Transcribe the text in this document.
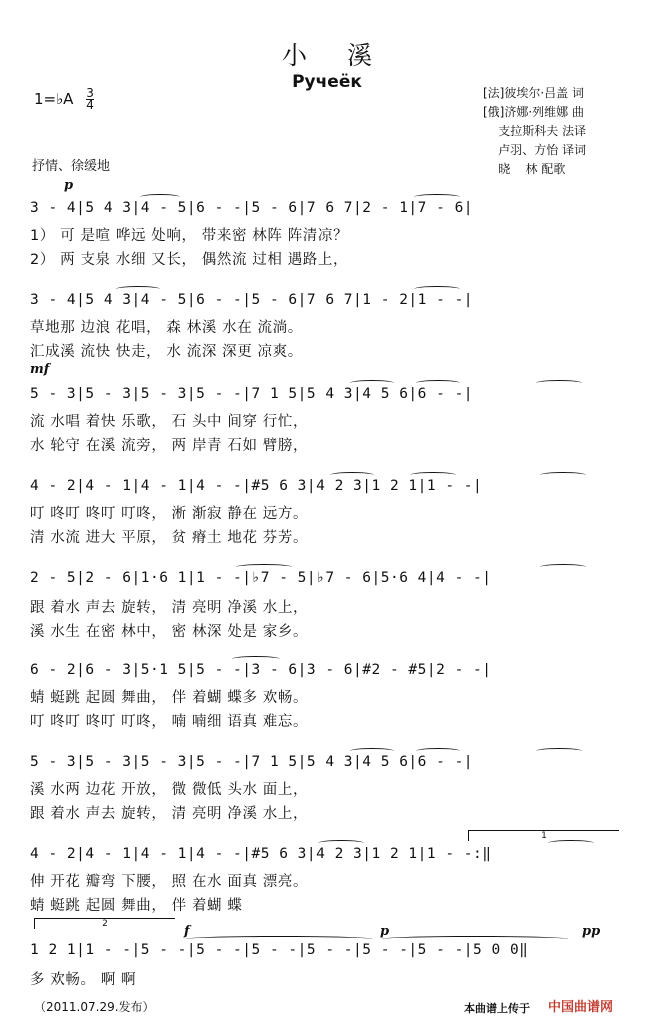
小 溪
Ручеёк
1=♭A $\frac{3}{4}$	[法]彼埃尔·吕盖 词
[俄]济娜·列维娜 曲
支拉斯科夫 法译
卢羽、方怡 译词
晓    林 配歌
抒情、徐缓地
p
mf
f	p	pp
3 - 4|5 4 3|4 - 5|6 - -|5 - 6|7 6 7|2 - 1|7 - 6|
1） 可 是喧 哗远 处响， 带来密 林阵 阵清凉？
2） 两 支泉 水细 又长， 偶然流 过相 遇路上，
3 - 4|5 4 3|4 - 5|6 - -|5 - 6|7 6 7|1 - 2|1 - -|
草地那 边浪 花唱， 森 林溪 水在 流淌。
汇成溪 流快 快走， 水 流深 深更 凉爽。
5 - 3|5 - 3|5 - 3|5 - -|7 1 5|5 4 3|4 5 6|6 - -|
流 水唱 着快 乐歌， 石 头中 间穿 行忙，
水 轮守 在溪 流旁， 两 岸青 石如 臂膀，
4 - 2|4 - 1|4 - 1|4 - -|#5 6 3|4 2 3|1 2 1|1 - -|
叮 咚叮 咚叮 叮咚， 淅 渐寂 静在 远方。
清 水流 进大 平原， 贫 瘠土 地花 芬芳。
2 - 5|2 - 6|1·6 1|1 - -|♭7 - 5|♭7 - 6|5·6 4|4 - -|
跟 着水 声去 旋转， 清 亮明 净溪 水上，
溪 水生 在密 林中， 密 林深 处是 家乡。
6 - 2|6 - 3|5·1 5|5 - -|3 - 6|3 - 6|#2 - #5|2 - -|
蜻 蜓跳 起圆 舞曲， 伴 着蝴 蝶多 欢畅。
叮 咚叮 咚叮 叮咚， 喃 喃细 语真 难忘。
5 - 3|5 - 3|5 - 3|5 - -|7 1 5|5 4 3|4 5 6|6 - -|
溪 水两 边花 开放， 微 微低 头水 面上，
跟 着水 声去 旋转， 清 亮明 净溪 水上，
1
4 - 2|4 - 1|4 - 1|4 - -|#5 6 3|4 2 3|1 2 1|1 - -:‖
伸 开花 瓣弯 下腰， 照 在水 面真 漂亮。
蜻 蜓跳 起圆 舞曲， 伴 着蝴 蝶
2
1 2 1|1 - -|5 - -|5 - -|5 - -|5 - -|5 - -|5 - -|5 0 0‖
多 欢畅。 啊 啊
（2011.07.29.发布）	本曲谱上传于 中国曲谱网
